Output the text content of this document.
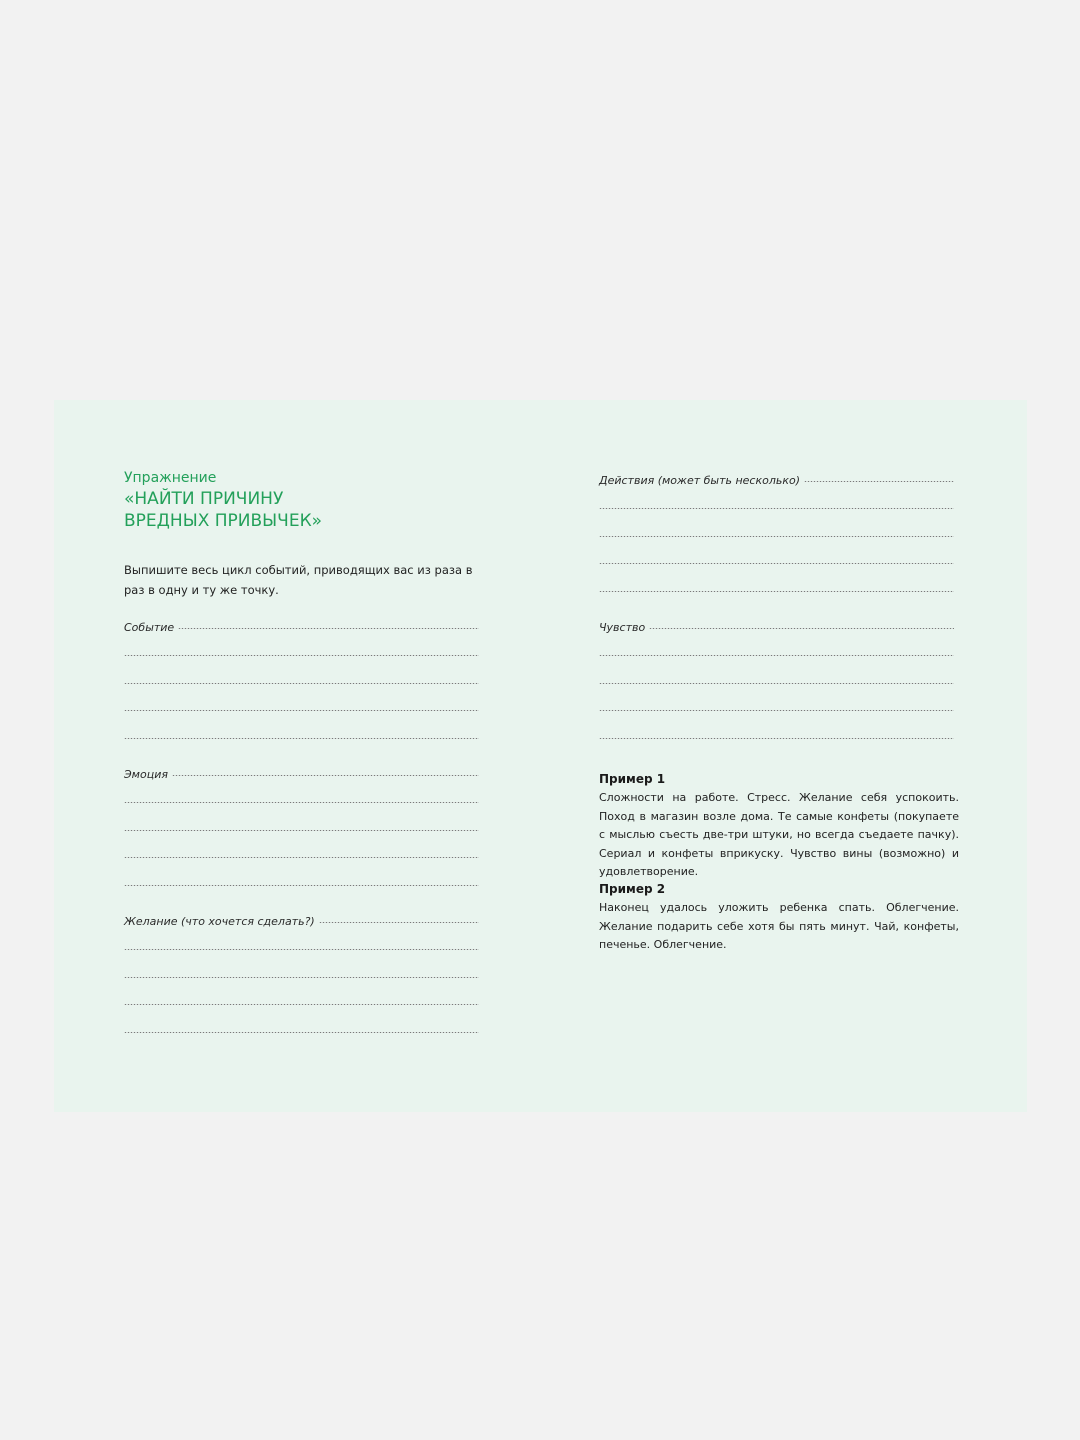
Упражнение

«НАЙТИ ПРИЧИНУ
ВРЕДНЫХ ПРИВЫЧЕК»

Выпишите весь цикл событий, приводящих вас из раза в раз в одну и ту же точку.

Событие
Эмоция
Желание (что хочется сделать?)
Действия (может быть несколько)
Чувство
Пример 1

Сложности на работе. Стресс. Желание себя успокоить. Поход в магазин возле дома. Те самые конфеты (покупаете с мыслью съесть две-три штуки, но всегда съедаете пачку). Сериал и конфеты вприкуску. Чувство вины (возможно) и удовлетворение.

Пример 2

Наконец удалось уложить ребенка спать. Облегчение. Желание подарить себе хотя бы пять минут. Чай, конфеты, печенье. Облегчение.
